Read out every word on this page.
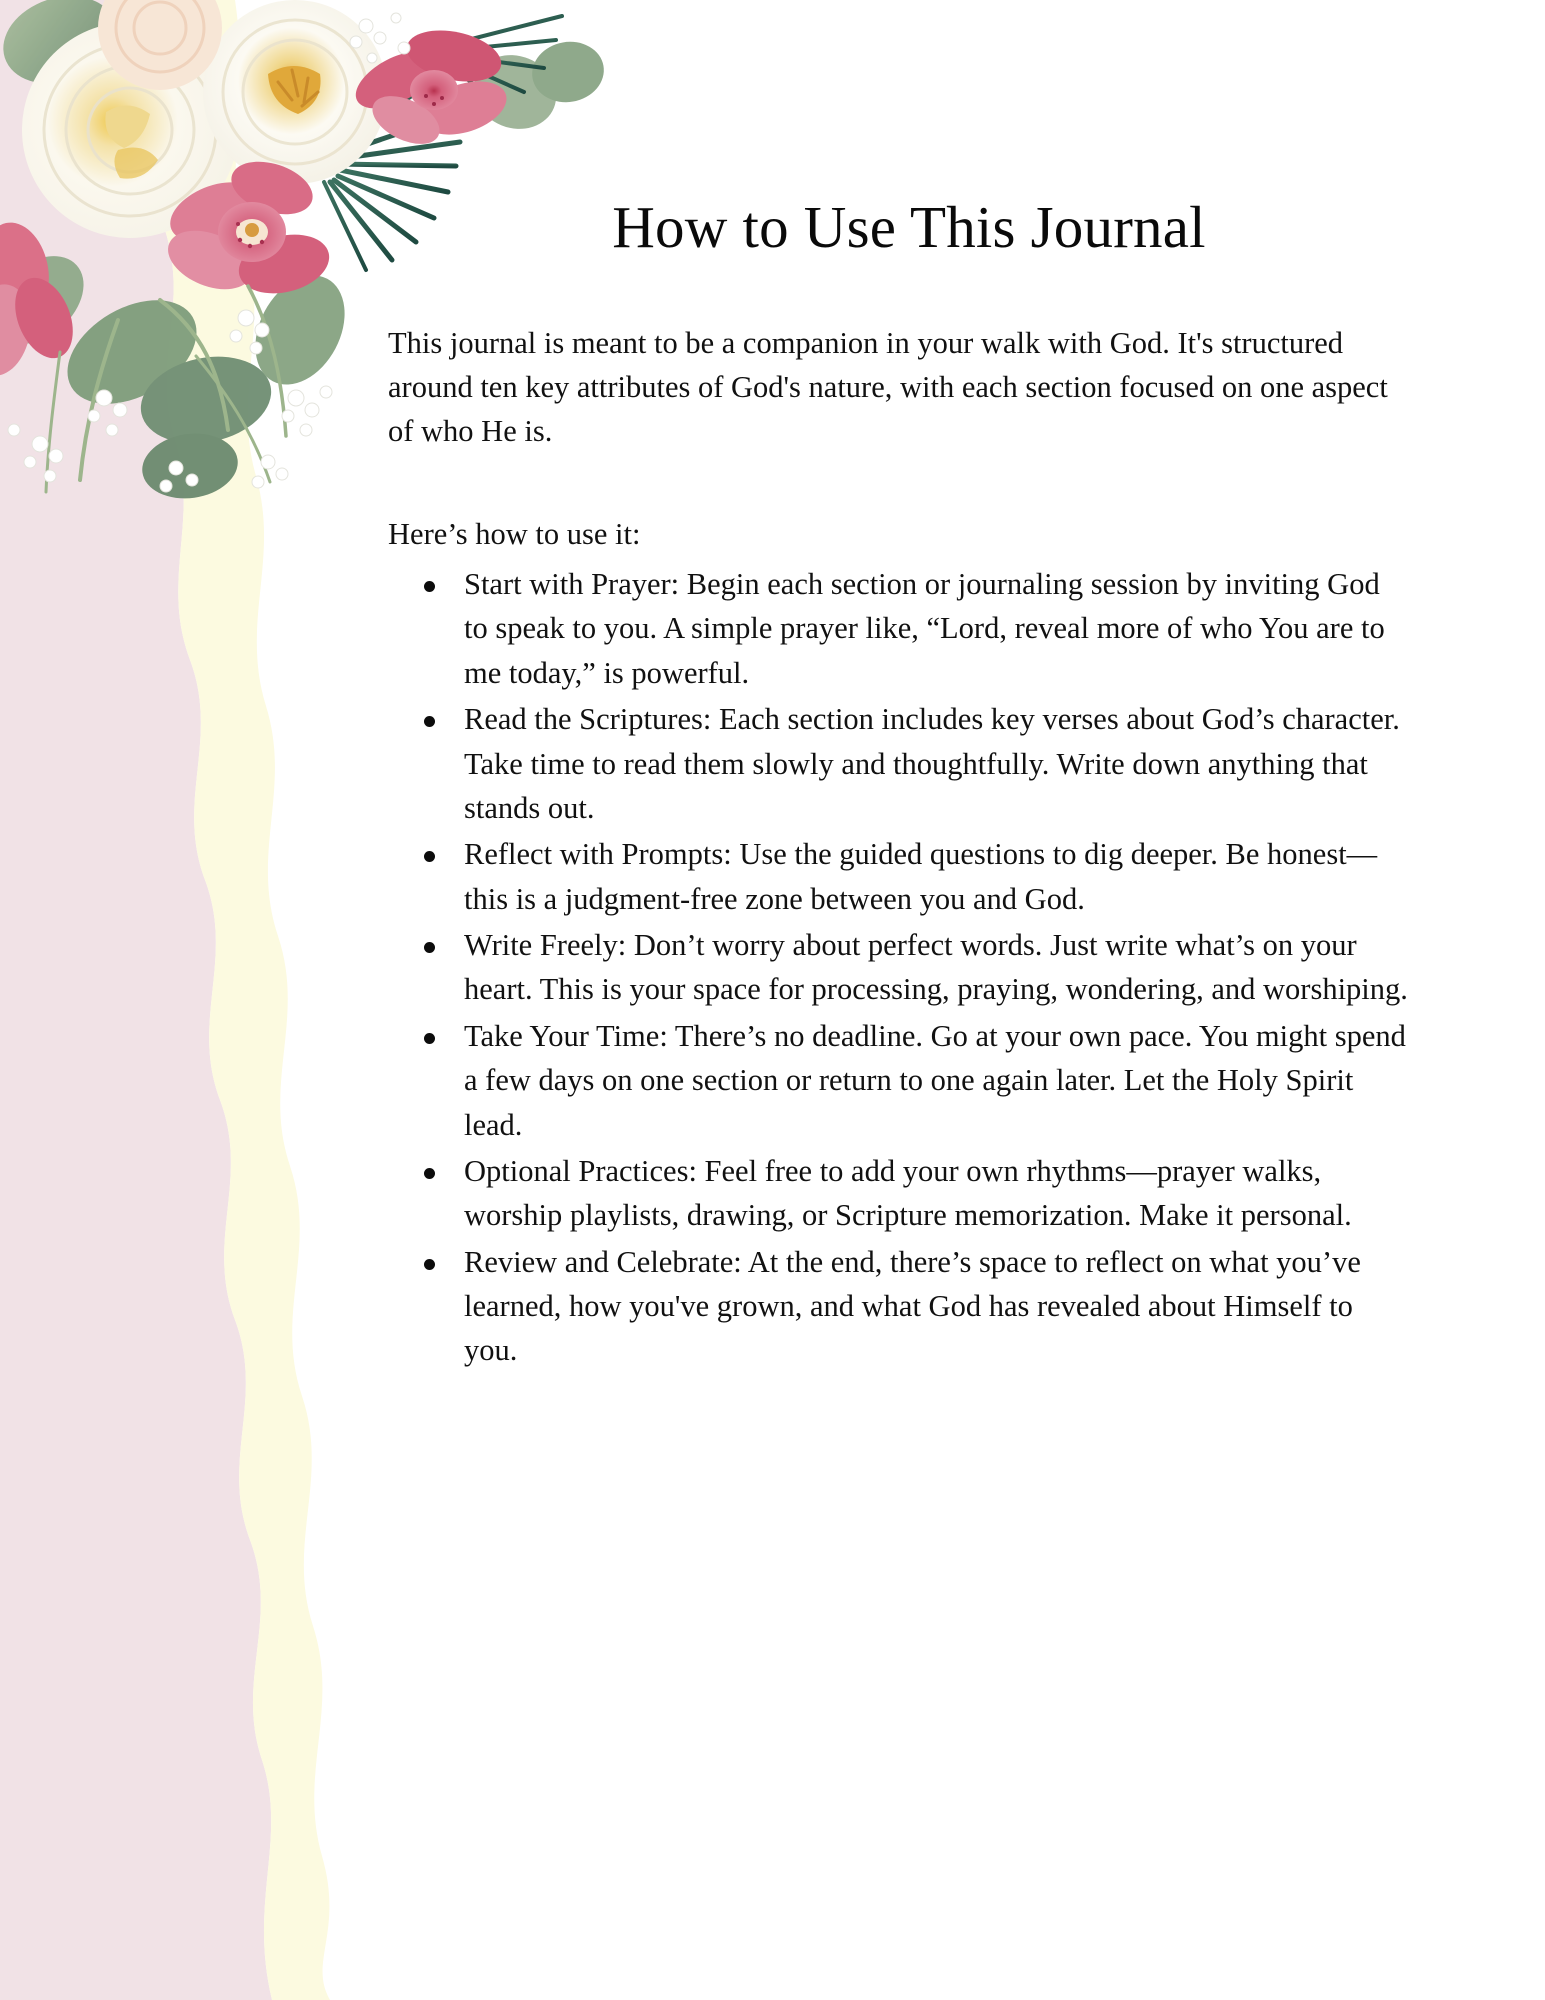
How to Use This Journal

This journal is meant to be a companion in your walk with God. It's structured around ten key attributes of God's nature, with each section focused on one aspect of who He is.

Here’s how to use it:

Start with Prayer: Begin each section or journaling session by inviting God to speak to you. A simple prayer like, “Lord, reveal more of who You are to me today,” is powerful.
Read the Scriptures: Each section includes key verses about God’s character. Take time to read them slowly and thoughtfully. Write down anything that stands out.
Reflect with Prompts: Use the guided questions to dig deeper. Be honest—this is a judgment-free zone between you and God.
Write Freely: Don’t worry about perfect words. Just write what’s on your heart. This is your space for processing, praying, wondering, and worshiping.
Take Your Time: There’s no deadline. Go at your own pace. You might spend a few days on one section or return to one again later. Let the Holy Spirit lead.
Optional Practices: Feel free to add your own rhythms—prayer walks, worship playlists, drawing, or Scripture memorization. Make it personal.
Review and Celebrate: At the end, there’s space to reflect on what you’ve learned, how you've grown, and what God has revealed about Himself to you.
